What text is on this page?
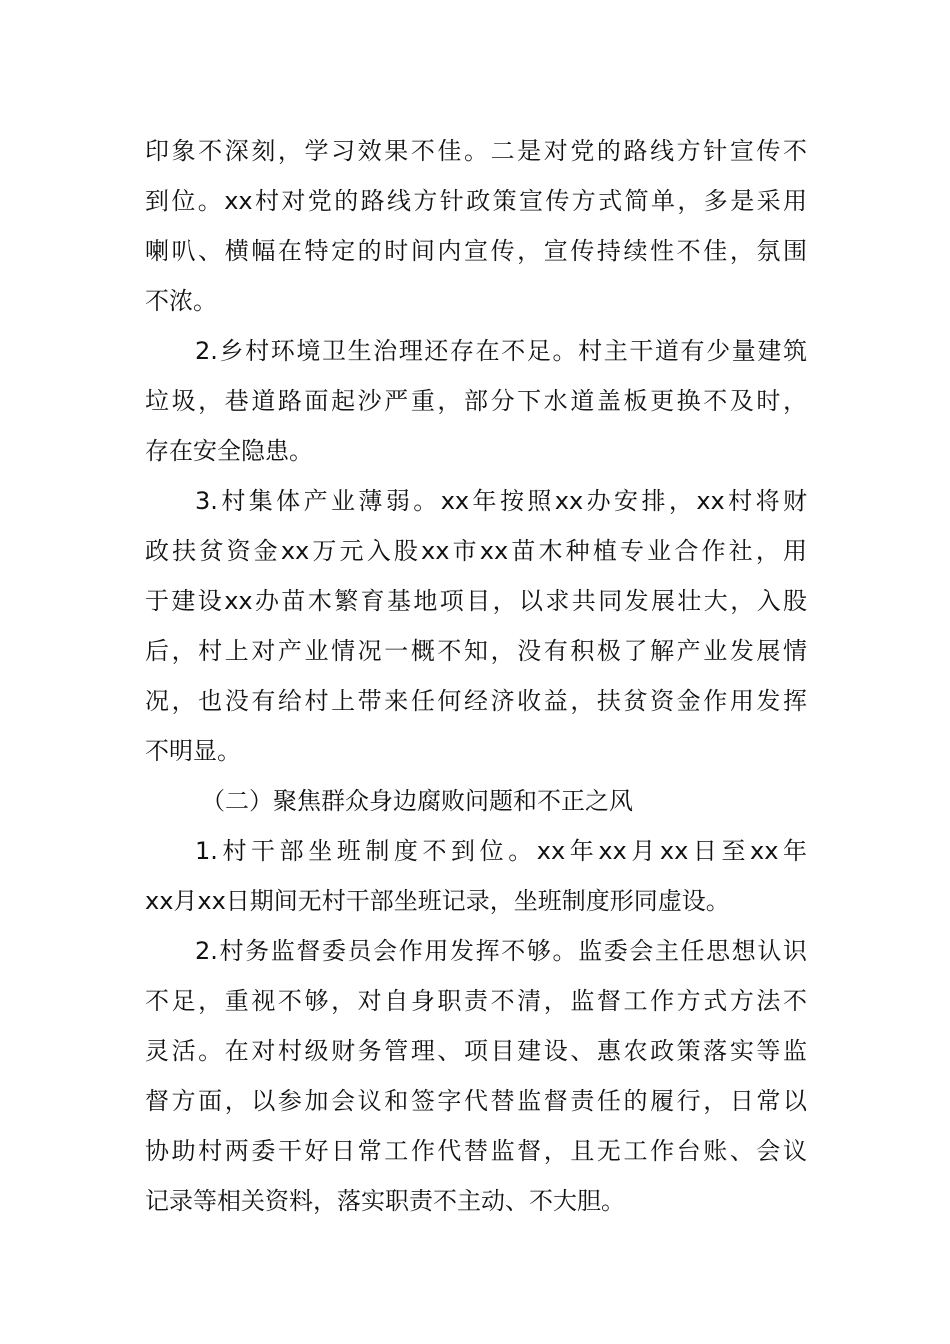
印象不深刻，学习效果不佳。二是对党的路线方针宣传不
到位。xx村对党的路线方针政策宣传方式简单，多是采用
喇叭、横幅在特定的时间内宣传，宣传持续性不佳，氛围
不浓。
2.乡村环境卫生治理还存在不足。村主干道有少量建筑
垃圾，巷道路面起沙严重，部分下水道盖板更换不及时，
存在安全隐患。
3.村集体产业薄弱。xx年按照xx办安排，xx村将财
政扶贫资金xx万元入股xx市xx苗木种植专业合作社，用
于建设xx办苗木繁育基地项目，以求共同发展壮大，入股
后，村上对产业情况一概不知，没有积极了解产业发展情
况，也没有给村上带来任何经济收益，扶贫资金作用发挥
不明显。
（二）聚焦群众身边腐败问题和不正之风
1.村干部坐班制度不到位。xx年xx月xx日至xx年
xx月xx日期间无村干部坐班记录，坐班制度形同虚设。
2.村务监督委员会作用发挥不够。监委会主任思想认识
不足，重视不够，对自身职责不清，监督工作方式方法不
灵活。在对村级财务管理、项目建设、惠农政策落实等监
督方面，以参加会议和签字代替监督责任的履行，日常以
协助村两委干好日常工作代替监督，且无工作台账、会议
记录等相关资料，落实职责不主动、不大胆。
